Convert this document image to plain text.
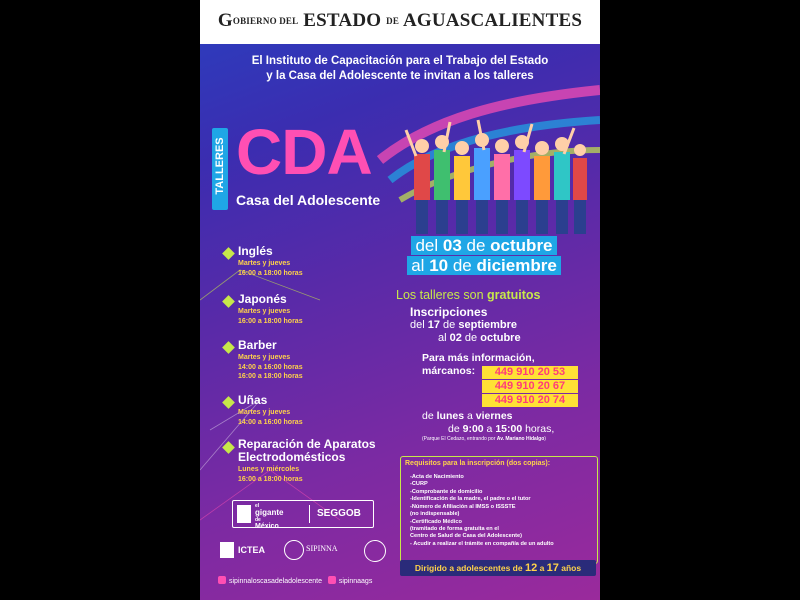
GOBIERNO DEL ESTADO DE AGUASCALIENTES
El Instituto de Capacitación para el Trabajo del Estado
y la Casa del Adolescente te invitan a los talleres
TALLERES CDA
Casa del Adolescente
Inglés
Martes y jueves
16:00 a 18:00 horas
Japonés
Martes y jueves
16:00 a 18:00 horas
Barber
Martes y jueves
14:00 a 16:00 horas
16:00 a 18:00 horas
Uñas
Martes y jueves
14:00 a 16:00 horas
Reparación de Aparatos
Electrodomésticos
Lunes y miércoles
16:00 a 18:00 horas
del 03 de octubre
al 10 de diciembre
Los talleres son gratuitos
Inscripciones
del 17 de septiembre
al 02 de octubre
Para más información,
márcanos:	449 910 20 53
449 910 20 67
449 910 20 74
de lunes a viernes
de 9:00 a 15:00 horas,
(Parque El Cedazo, entrando por Av. Mariano Hidalgo)
Requisitos para la inscripción (dos copias):
-Acta de Nacimiento
-CURP
-Comprobante de domicilio
-Identificación de la madre, el padre o el tutor
-Número de Afiliación al IMSS o ISSSTE
(no indispensable)
-Certificado Médico
(tramitado de forma gratuita en el
Centro de Salud de Casa del Adolescente)
- Acudir a realizar el trámite en compañía de un adulto
Dirigido a adolescentes de 12 a 17 años
el
gigante
de
México
SEGGOB
ICTEA	SIPINNA
sipinnaloscasadeladolescente sipinnaags
